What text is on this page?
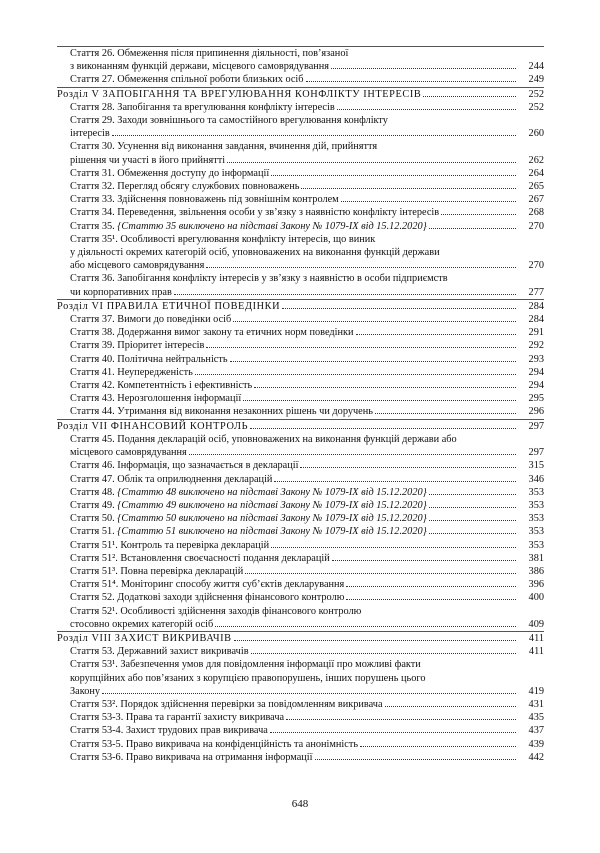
Стаття 26. Обмеження після припинення діяльності, пов’язаної
з виконанням функцій держави, місцевого самоврядування	244
Стаття 27. Обмеження спільної роботи близьких осіб	249
Розділ V ЗАПОБІГАННЯ ТА ВРЕГУЛЮВАННЯ КОНФЛІКТУ ІНТЕРЕСІВ	252
Стаття 28. Запобігання та врегулювання конфлікту інтересів	252
Стаття 29. Заходи зовнішнього та самостійного врегулювання конфлікту
інтересів	260
Стаття 30. Усунення від виконання завдання, вчинення дій, прийняття
рішення чи участі в його прийнятті	262
Стаття 31. Обмеження доступу до інформації	264
Стаття 32. Перегляд обсягу службових повноважень	265
Стаття 33. Здійснення повноважень під зовнішнім контролем	267
Стаття 34. Переведення, звільнення особи у зв’язку з наявністю конфлікту інтересів	268
Стаття 35. {Статтю 35 виключено на підставі Закону № 1079-IX від 15.12.2020}	270
Стаття 35¹. Особливості врегулювання конфлікту інтересів, що виник
у діяльності окремих категорій осіб, уповноважених на виконання функцій держави
або місцевого самоврядування	270
Стаття 36. Запобігання конфлікту інтересів у зв’язку з наявністю в особи підприємств
чи корпоративних прав	277
Розділ VI ПРАВИЛА ЕТИЧНОЇ ПОВЕДІНКИ	284
Стаття 37. Вимоги до поведінки осіб	284
Стаття 38. Додержання вимог закону та етичних норм поведінки	291
Стаття 39. Пріоритет інтересів	292
Стаття 40. Політична нейтральність	293
Стаття 41. Неупередженість	294
Стаття 42. Компетентність і ефективність	294
Стаття 43. Нерозголошення інформації	295
Стаття 44. Утримання від виконання незаконних рішень чи доручень	296
Розділ VII ФІНАНСОВИЙ КОНТРОЛЬ	297
Стаття 45. Подання декларацій осіб, уповноважених на виконання функцій держави або
місцевого самоврядування	297
Стаття 46. Інформація, що зазначається в декларації	315
Стаття 47. Облік та оприлюднення декларацій	346
Стаття 48. {Статтю 48 виключено на підставі Закону № 1079-IX від 15.12.2020}	353
Стаття 49. {Статтю 49 виключено на підставі Закону № 1079-IX від 15.12.2020}	353
Стаття 50. {Статтю 50 виключено на підставі Закону № 1079-IX від 15.12.2020}	353
Стаття 51. {Статтю 51 виключено на підставі Закону № 1079-IX від 15.12.2020}	353
Стаття 51¹. Контроль та перевірка декларацій	353
Стаття 51². Встановлення своєчасності подання декларацій	381
Стаття 51³. Повна перевірка декларацій	386
Стаття 51⁴. Моніторинг способу життя суб’єктів декларування	396
Стаття 52. Додаткові заходи здійснення фінансового контролю	400
Стаття 52¹. Особливості здійснення заходів фінансового контролю
стосовно окремих категорій осіб	409
Розділ VIII ЗАХИСТ ВИКРИВАЧІВ	411
Стаття 53. Державний захист викривачів	411
Стаття 53¹. Забезпечення умов для повідомлення інформації про можливі факти
корупційних або пов’язаних з корупцією правопорушень, інших порушень цього
Закону	419
Стаття 53². Порядок здійснення перевірки за повідомленням викривача	431
Стаття 53-3. Права та гарантії захисту викривача	435
Стаття 53-4. Захист трудових прав викривача	437
Стаття 53-5. Право викривача на конфіденційність та анонімність	439
Стаття 53-6. Право викривача на отримання інформації	442
648
